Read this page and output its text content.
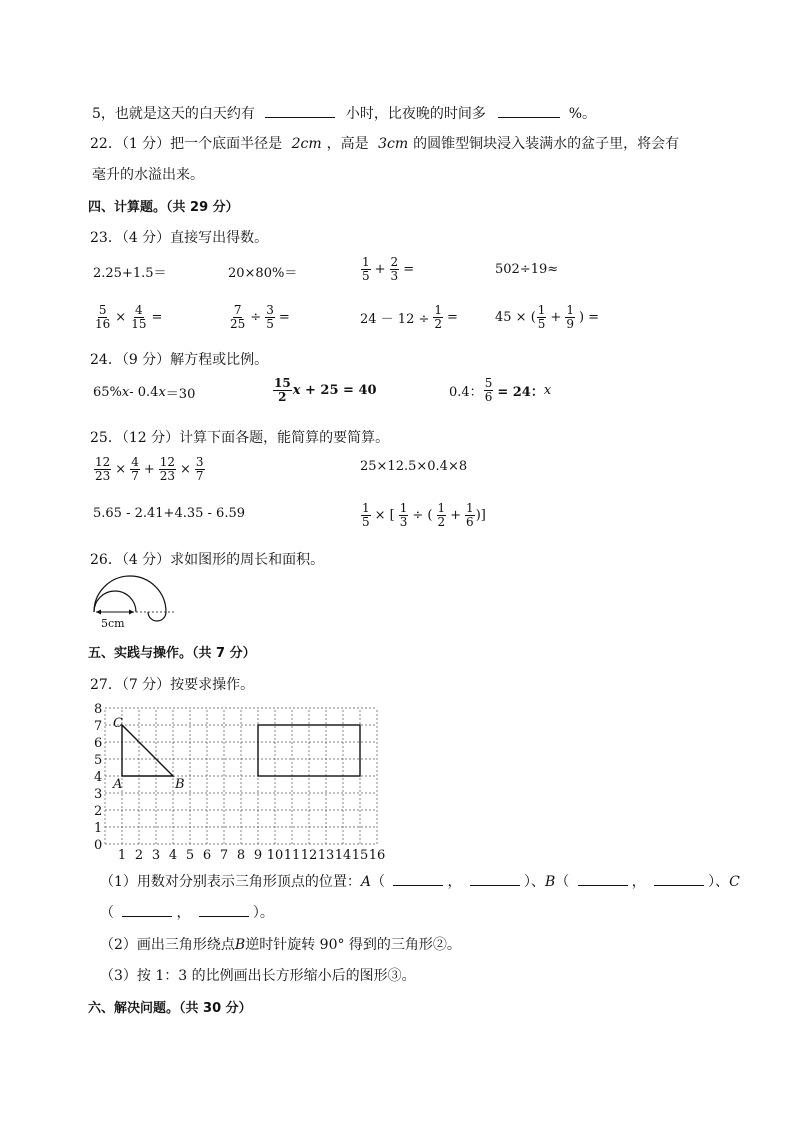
5，也就是这天的白天约有	小时，比夜晚的时间多	%。
22．（1 分）把一个底面半径是 2cm ，高是 3cm 的圆锥型铜块浸入装满水的盆子里，将会有
毫升的水溢出来。
四、计算题。（共 29 分）
23．（4 分）直接写出得数。
2.25+1.5＝	20×80%＝	$\frac{1}{5} + \frac{2}{3}$ =	502÷19≈
$\frac{5}{16} \times \frac{4}{15}$ =	$\frac{7}{25} \div \frac{3}{5}$ =	$24 - 12 \div \frac{1}{2}$ =	45 × ( $\frac{1}{5} + \frac{1}{9}$ ) =
24．（9 分）解方程或比例。
65% x - 0.4 x ＝30	$\frac{15}{2}$ x + 25 = 40	0.4： $\frac{5}{6} = 24$： x
25．（12 分）计算下面各题，能简算的要简算。
$\frac{12}{23} \times \frac{4}{7} + \frac{12}{23} \times \frac{3}{7}$	25×12.5×0.4×8
5.65 - 2.41+4.35 - 6.59	$\frac{1}{5}$ × [ $\frac{1}{3}$ ÷ ( $\frac{1}{2} + \frac{1}{6}$ )]
26．（4 分）求如图形的周长和面积。
5cm
五、实践与操作。（共 7 分）
27．（7 分）按要求操作。
0
1
2
3
4
5
6
7
8
1 2 3 4 5 6 7 8 9 10 11 12 13 14 15 16
A	B
C
（1）用数对分别表示三角形顶点的位置：A（	，	）、B（	，	）、C
（	，	）。
（2）画出三角形绕点B逆时针旋转 90° 得到的三角形②。
（3）按 1：3 的比例画出长方形缩小后的图形③。
六、解决问题。（共 30 分）
